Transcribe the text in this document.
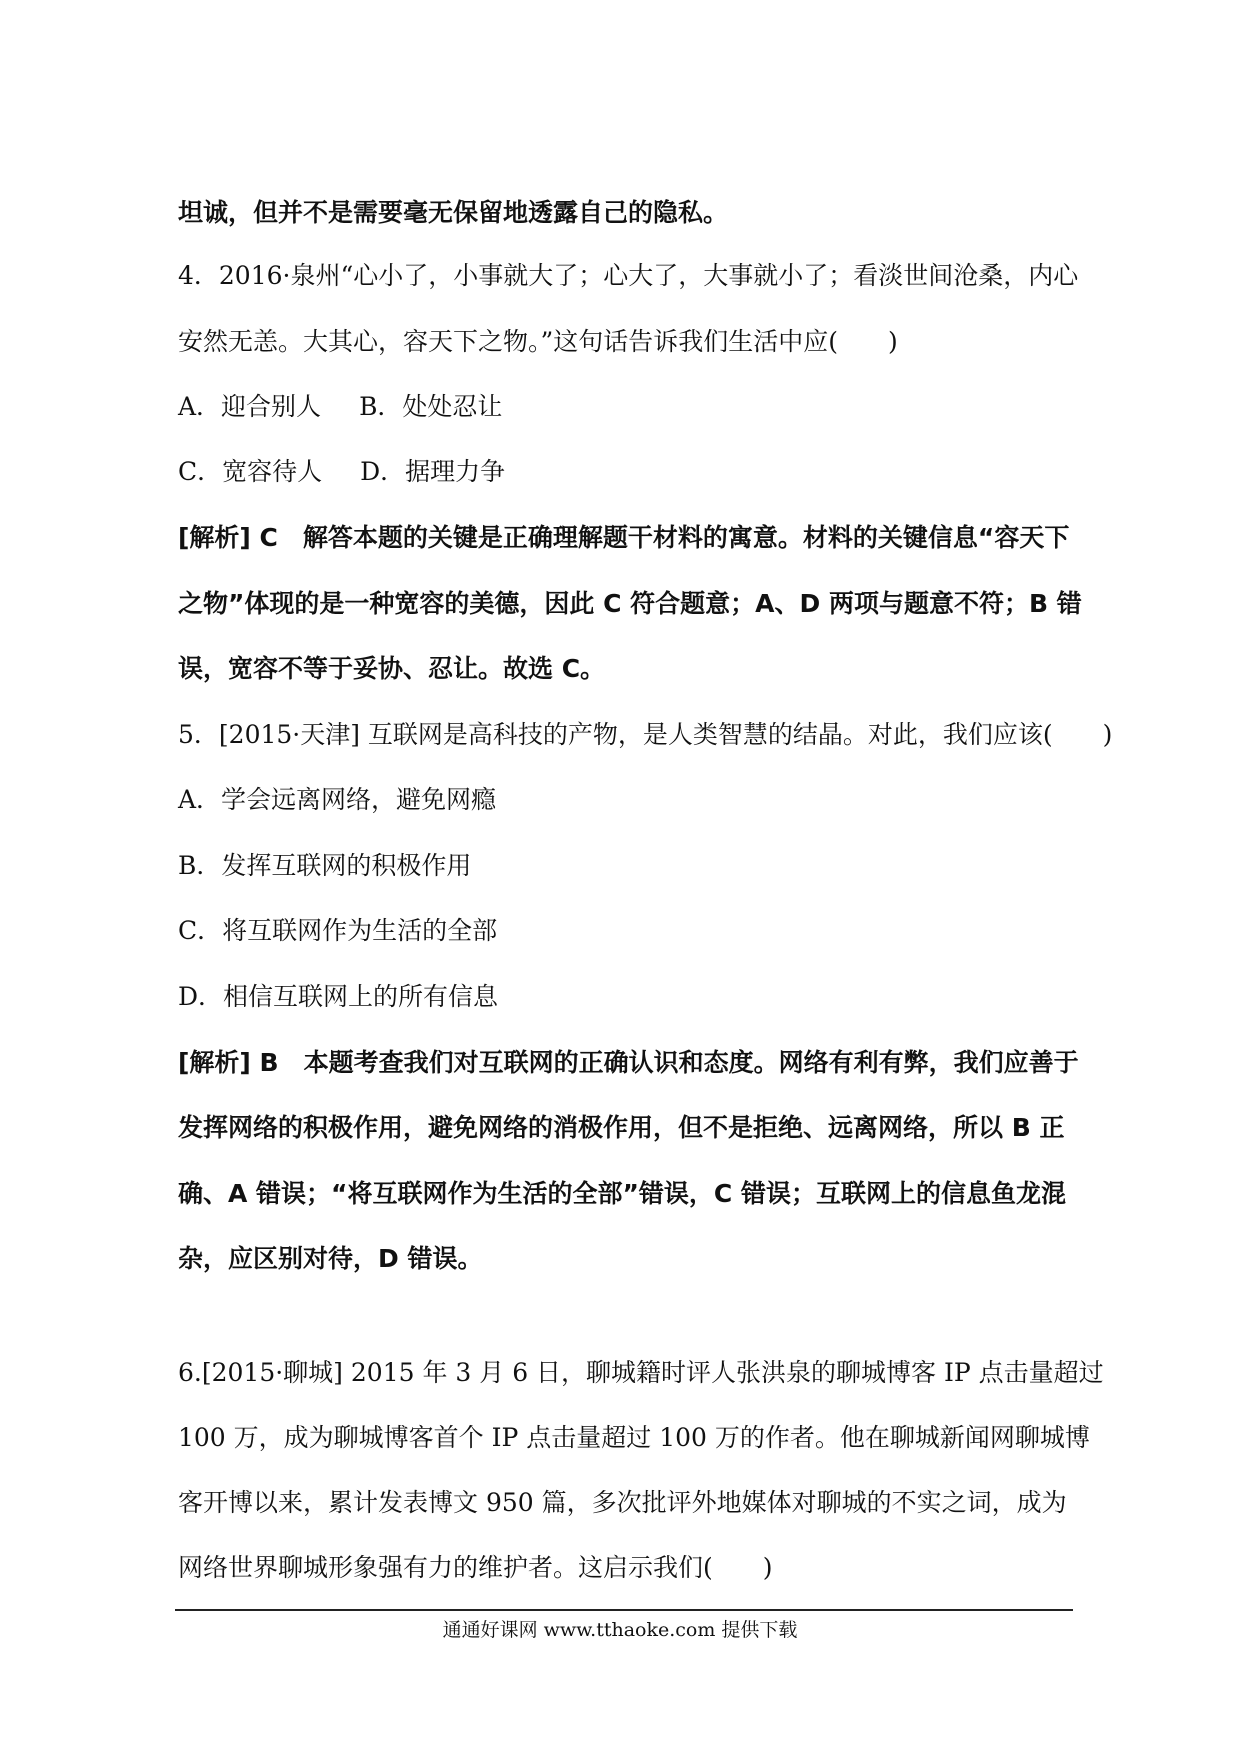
坦诚，但并不是需要毫无保留地透露自己的隐私。
4．2016·泉州“心小了，小事就大了；心大了，大事就小了；看淡世间沧桑，内心
安然无恙。大其心，容天下之物。”这句话告诉我们生活中应(　　)
A．迎合别人 B．处处忍让
C．宽容待人 D．据理力争
[解析] C　解答本题的关键是正确理解题干材料的寓意。材料的关键信息“容天下
之物”体现的是一种宽容的美德，因此 C 符合题意；A、D 两项与题意不符；B 错
误，宽容不等于妥协、忍让。故选 C。
5．[2015·天津] 互联网是高科技的产物，是人类智慧的结晶。对此，我们应该(　　)
A．学会远离网络，避免网瘾
B．发挥互联网的积极作用
C．将互联网作为生活的全部
D．相信互联网上的所有信息
[解析] B　本题考查我们对互联网的正确认识和态度。网络有利有弊，我们应善于
发挥网络的积极作用，避免网络的消极作用，但不是拒绝、远离网络，所以 B 正
确、A 错误；“将互联网作为生活的全部”错误，C 错误；互联网上的信息鱼龙混
杂，应区别对待，D 错误。
6.[2015·聊城] 2015 年 3 月 6 日，聊城籍时评人张洪泉的聊城博客 IP 点击量超过
100 万，成为聊城博客首个 IP 点击量超过 100 万的作者。他在聊城新闻网聊城博
客开博以来，累计发表博文 950 篇，多次批评外地媒体对聊城的不实之词，成为
网络世界聊城形象强有力的维护者。这启示我们(　　)
通通好课网 www.tthaoke.com 提供下载
